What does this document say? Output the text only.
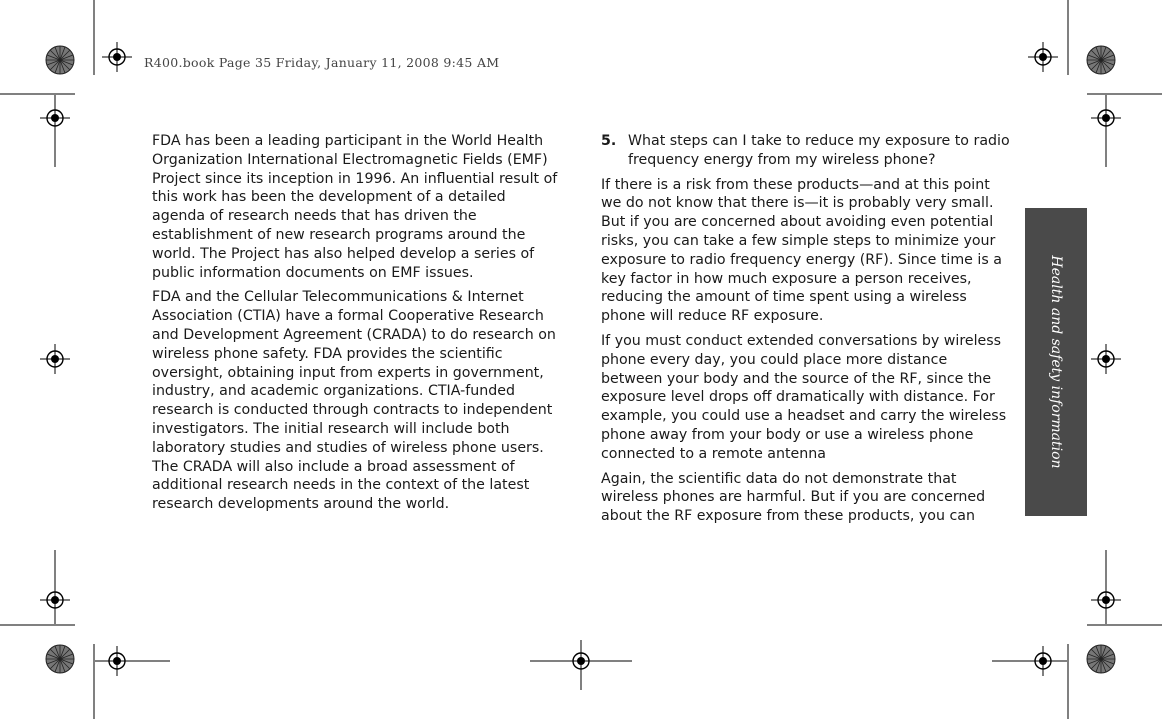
R400.book Page 35 Friday, January 11, 2008 9:45 AM

FDA has been a leading participant in the World Health Organization International Electromagnetic Fields (EMF) Project since its inception in 1996. An influential result of this work has been the development of a detailed agenda of research needs that has driven the establishment of new research programs around the world. The Project has also helped develop a series of public information documents on EMF issues.

FDA and the Cellular Telecommunications & Internet Association (CTIA) have a formal Cooperative Research and Development Agreement (CRADA) to do research on wireless phone safety. FDA provides the scientific oversight, obtaining input from experts in government, industry, and academic organizations. CTIA-funded research is conducted through contracts to independent investigators. The initial research will include both laboratory studies and studies of wireless phone users. The CRADA will also include a broad assessment of additional research needs in the context of the latest research developments around the world.

5. What steps can I take to reduce my exposure to radio frequency energy from my wireless phone?

If there is a risk from these products—and at this point we do not know that there is—it is probably very small. But if you are concerned about avoiding even potential risks, you can take a few simple steps to minimize your exposure to radio frequency energy (RF). Since time is a key factor in how much exposure a person receives, reducing the amount of time spent using a wireless phone will reduce RF exposure.

If you must conduct extended conversations by wireless phone every day, you could place more distance between your body and the source of the RF, since the exposure level drops off dramatically with distance. For example, you could use a headset and carry the wireless phone away from your body or use a wireless phone connected to a remote antenna

Again, the scientific data do not demonstrate that wireless phones are harmful. But if you are concerned about the RF exposure from these products, you can

Health and safety information
